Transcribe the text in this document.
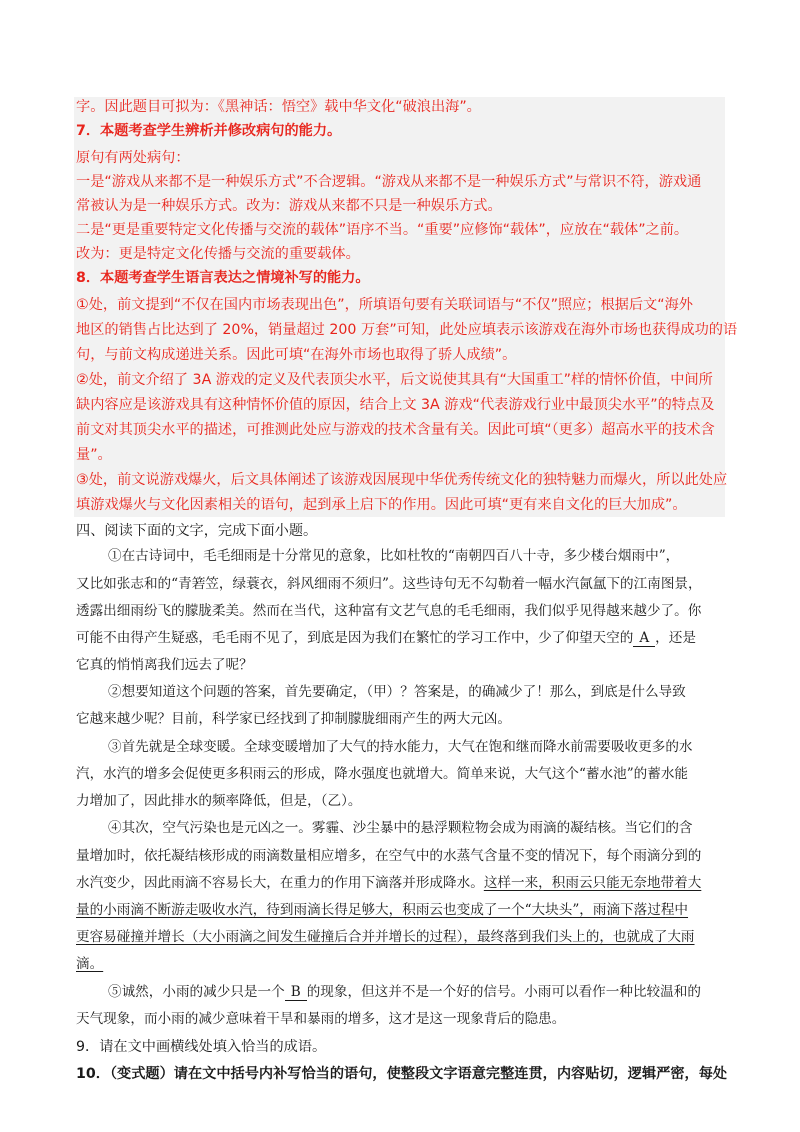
字。因此题目可拟为：《黑神话：悟空》载中华文化“破浪出海”。
7．本题考查学生辨析并修改病句的能力。
原句有两处病句：
一是“游戏从来都不是一种娱乐方式”不合逻辑。“游戏从来都不是一种娱乐方式”与常识不符，游戏通
常被认为是一种娱乐方式。改为：游戏从来都不只是一种娱乐方式。
二是“更是重要特定文化传播与交流的载体”语序不当。“重要”应修饰“载体”，应放在“载体”之前。
改为：更是特定文化传播与交流的重要载体。
8．本题考查学生语言表达之情境补写的能力。
①处，前文提到“不仅在国内市场表现出色”，所填语句要有关联词语与“不仅”照应；根据后文“海外
地区的销售占比达到了 20%，销量超过 200 万套”可知，此处应填表示该游戏在海外市场也获得成功的语
句，与前文构成递进关系。因此可填“在海外市场也取得了骄人成绩”。
②处，前文介绍了 3A 游戏的定义及代表顶尖水平，后文说使其具有“大国重工”样的情怀价值，中间所
缺内容应是该游戏具有这种情怀价值的原因，结合上文 3A 游戏“代表游戏行业中最顶尖水平”的特点及
前文对其顶尖水平的描述，可推测此处应与游戏的技术含量有关。因此可填“（更多）超高水平的技术含
量”。
③处，前文说游戏爆火，后文具体阐述了该游戏因展现中华优秀传统文化的独特魅力而爆火，所以此处应
填游戏爆火与文化因素相关的语句，起到承上启下的作用。因此可填“更有来自文化的巨大加成”。
四、阅读下面的文字，完成下面小题。
①在古诗词中，毛毛细雨是十分常见的意象，比如杜牧的“南朝四百八十寺，多少楼台烟雨中”，
又比如张志和的“青箬笠，绿蓑衣，斜风细雨不须归”。这些诗句无不勾勒着一幅水汽氤氲下的江南图景，
透露出细雨纷飞的朦胧柔美。然而在当代，这种富有文艺气息的毛毛细雨，我们似乎见得越来越少了。你
可能不由得产生疑惑，毛毛雨不见了，到底是因为我们在繁忙的学习工作中，少了仰望天空的 A ，还是
它真的悄悄离我们远去了呢？
②想要知道这个问题的答案，首先要确定，（甲）？答案是，的确减少了！那么，到底是什么导致
它越来越少呢？目前，科学家已经找到了抑制朦胧细雨产生的两大元凶。
③首先就是全球变暖。全球变暖增加了大气的持水能力，大气在饱和继而降水前需要吸收更多的水
汽，水汽的增多会促使更多积雨云的形成，降水强度也就增大。简单来说，大气这个“蓄水池”的蓄水能
力增加了，因此排水的频率降低，但是，（乙）。
④其次，空气污染也是元凶之一。雾霾、沙尘暴中的悬浮颗粒物会成为雨滴的凝结核。当它们的含
量增加时，依托凝结核形成的雨滴数量相应增多，在空气中的水蒸气含量不变的情况下，每个雨滴分到的
水汽变少，因此雨滴不容易长大，在重力的作用下滴落并形成降水。这样一来，积雨云只能无奈地带着大
量的小雨滴不断游走吸收水汽，待到雨滴长得足够大，积雨云也变成了一个“大块头”，雨滴下落过程中
更容易碰撞并增长（大小雨滴之间发生碰撞后合并并增长的过程），最终落到我们头上的，也就成了大雨
滴。
⑤诚然，小雨的减少只是一个 B 的现象，但这并不是一个好的信号。小雨可以看作一种比较温和的
天气现象，而小雨的减少意味着干旱和暴雨的增多，这才是这一现象背后的隐患。
9．请在文中画横线处填入恰当的成语。
10．（变式题）请在文中括号内补写恰当的语句，使整段文字语意完整连贯，内容贴切，逻辑严密，每处
